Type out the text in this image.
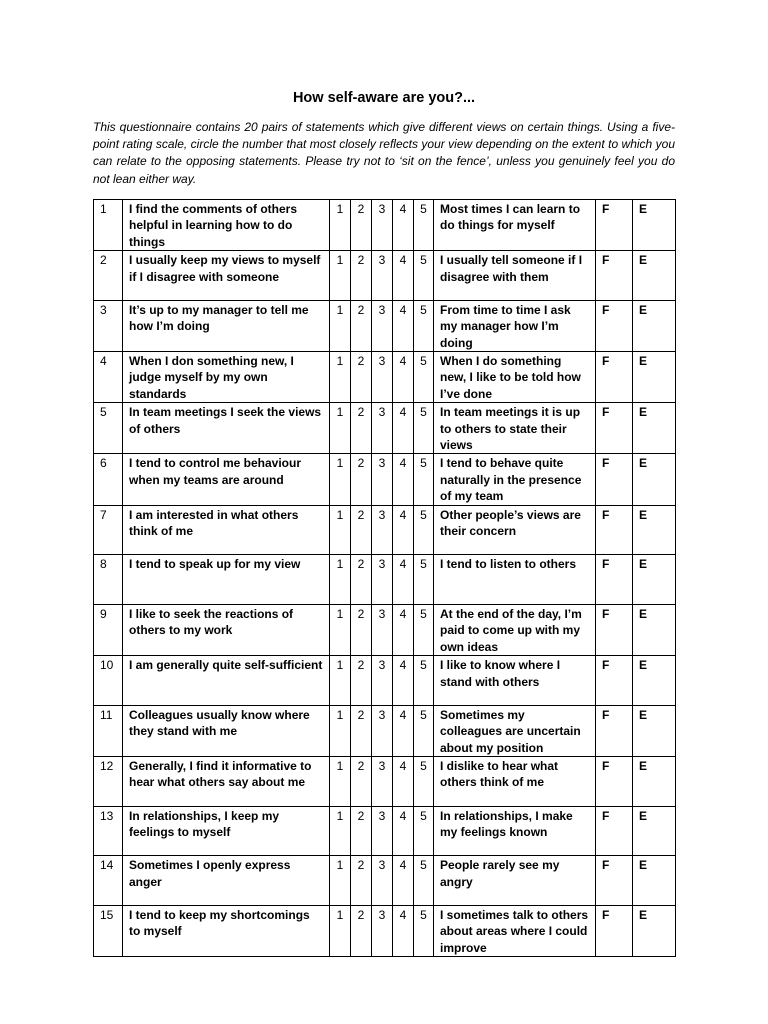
How self-aware are you?...

This questionnaire contains 20 pairs of statements which give different views on certain things. Using a five-point rating scale, circle the number that most closely reflects your view depending on the extent to which you can relate to the opposing statements. Please try not to ‘sit on the fence’, unless you genuinely feel you do not lean either way.

1	I find the comments of others helpful in learning how to do things	1	2	3	4	5	Most times I can learn to do things for myself	F	E
2	I usually keep my views to myself if I disagree with someone	1	2	3	4	5	I usually tell someone if I disagree with them	F	E
3	It’s up to my manager to tell me how I’m doing	1	2	3	4	5	From time to time I ask my manager how I’m doing	F	E
4	When I don something new, I judge myself by my own standards	1	2	3	4	5	When I do something new, I like to be told how I’ve done	F	E
5	In team meetings I seek the views of others	1	2	3	4	5	In team meetings it is up to others to state their views	F	E
6	I tend to control me behaviour when my teams are around	1	2	3	4	5	I tend to behave quite naturally in the presence of my team	F	E
7	I am interested in what others think of me	1	2	3	4	5	Other people’s views are their concern	F	E
8	I tend to speak up for my view	1	2	3	4	5	I tend to listen to others	F	E
9	I like to seek the reactions of others to my work	1	2	3	4	5	At the end of the day, I’m paid to come up with my own ideas	F	E
10	I am generally quite self-sufficient	1	2	3	4	5	I like to know where I stand with others	F	E
11	Colleagues usually know where they stand with me	1	2	3	4	5	Sometimes my colleagues are uncertain about my position	F	E
12	Generally, I find it informative to hear what others say about me	1	2	3	4	5	I dislike to hear what others think of me	F	E
13	In relationships, I keep my feelings to myself	1	2	3	4	5	In relationships, I make my feelings known	F	E
14	Sometimes I openly express anger	1	2	3	4	5	People rarely see my angry	F	E
15	I tend to keep my shortcomings to myself	1	2	3	4	5	I sometimes talk to others about areas where I could improve	F	E
